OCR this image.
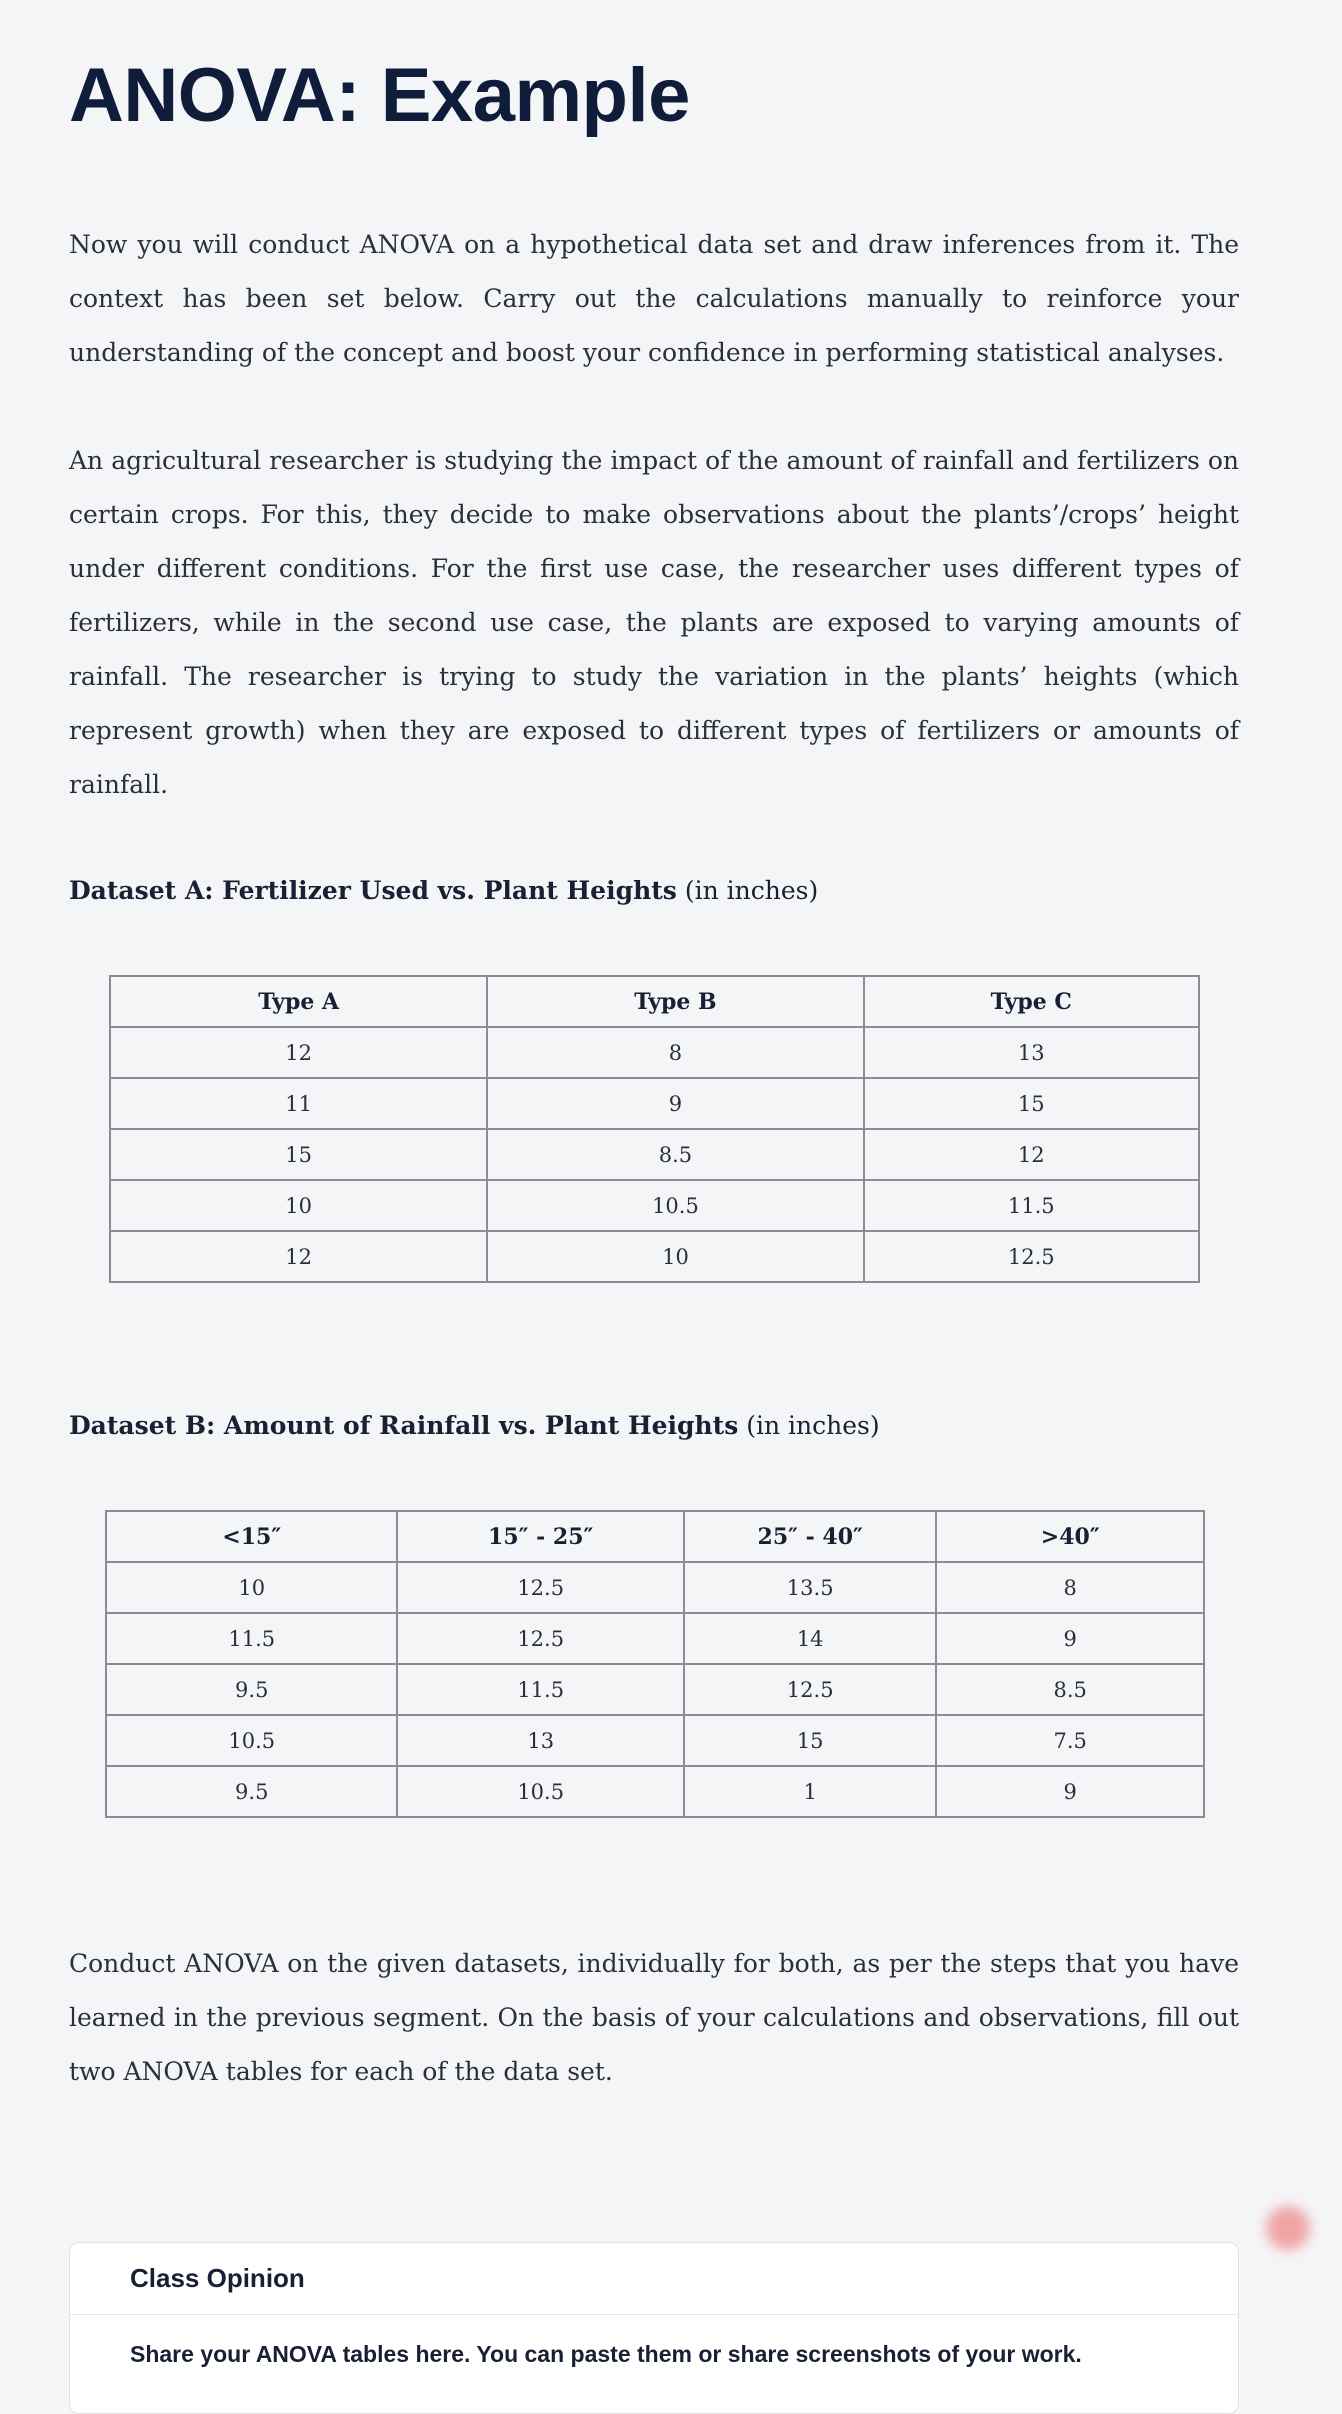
ANOVA: Example

Now you will conduct ANOVA on a hypothetical data set and draw inferences from it. The context has been set below. Carry out the calculations manually to reinforce your understanding of the concept and boost your confidence in performing statistical analyses.

An agricultural researcher is studying the impact of the amount of rainfall and fertilizers on certain crops. For this, they decide to make observations about the plants’/crops’ height under different conditions. For the first use case, the researcher uses different types of fertilizers, while in the second use case, the plants are exposed to varying amounts of rainfall. The researcher is trying to study the variation in the plants’ heights (which represent growth) when they are exposed to different types of fertilizers or amounts of rainfall.

Dataset A: Fertilizer Used vs. Plant Heights (in inches)
Type A	Type B	Type C
12	8	13
11	9	15
15	8.5	12
10	10.5	11.5
12	10	12.5
Dataset B: Amount of Rainfall vs. Plant Heights (in inches)
<15″	15″ - 25″	25″ - 40″	>40″
10	12.5	13.5	8
11.5	12.5	14	9
9.5	11.5	12.5	8.5
10.5	13	15	7.5
9.5	10.5	1	9

Conduct ANOVA on the given datasets, individually for both, as per the steps that you have learned in the previous segment. On the basis of your calculations and observations, fill out two ANOVA tables for each of the data set.

Class Opinion
Share your ANOVA tables here. You can paste them or share screenshots of your work.
